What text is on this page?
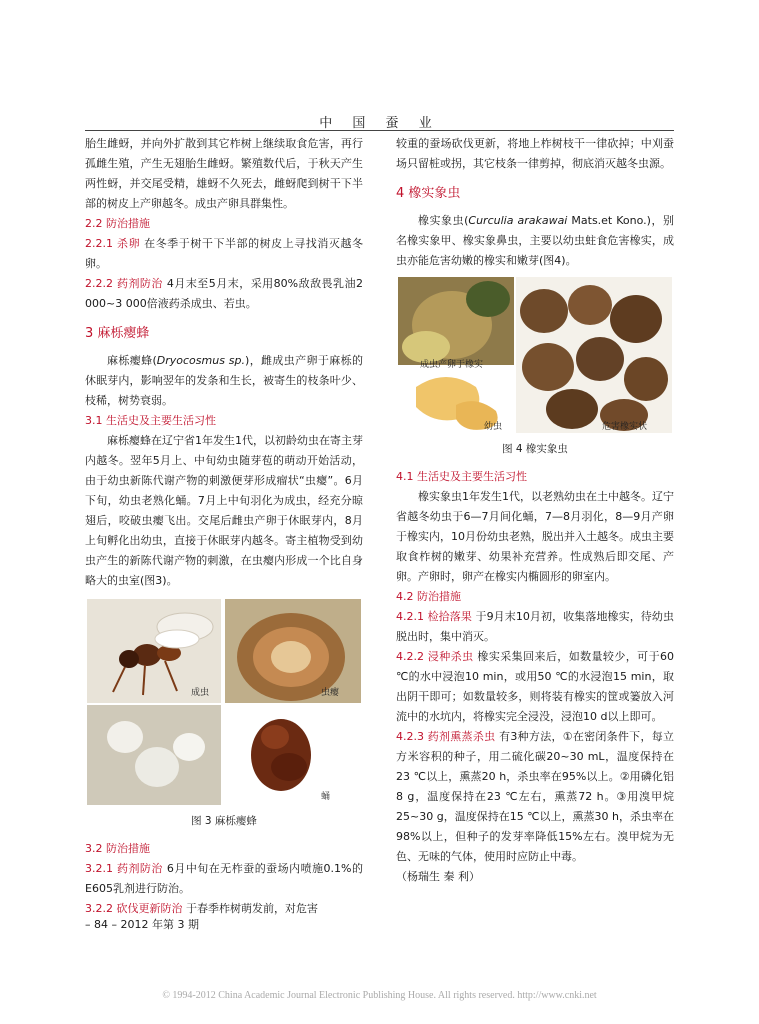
中 国 蚕 业

胎生雌蚜，并向外扩散到其它柞树上继续取食危害，再行孤雌生殖，产生无翅胎生雌蚜。繁殖数代后，于秋天产生两性蚜，并交尾受精，雄蚜不久死去，雌蚜爬到树干下半部的树皮上产卵越冬。成虫产卵具群集性。

2.2 防治措施

2.2.1 杀卵 在冬季于树干下半部的树皮上寻找消灭越冬卵。

2.2.2 药剂防治 4月末至5月末，采用80%敌敌畏乳油2 000~3 000倍液药杀成虫、若虫。

3 麻栎瘿蜂

麻栎瘿蜂(Dryocosmus sp.)，雌成虫产卵于麻栎的休眠芽内，影响翌年的发条和生长，被寄生的枝条叶少、枝稀，树势衰弱。

3.1 生活史及主要生活习性

麻栎瘿蜂在辽宁省1年发生1代，以初龄幼虫在寄主芽内越冬。翌年5月上、中旬幼虫随芽苞的萌动开始活动，由于幼虫新陈代谢产物的刺激便芽形成瘤状“虫瘿”。6月下旬，幼虫老熟化蛹。7月上中旬羽化为成虫，经充分晾翅后，咬破虫瘿飞出。交尾后雌虫产卵于休眠芽内，8月上旬孵化出幼虫，直接于休眠芽内越冬。寄主植物受到幼虫产生的新陈代谢产物的刺激，在虫瘿内形成一个比自身略大的虫室(图3)。

成虫	虫瘿
蛹
图 3 麻栎瘿蜂

3.2 防治措施

3.2.1 药剂防治 6月中旬在无柞蚕的蚕场内喷施0.1%的E605乳剂进行防治。

3.2.2 砍伐更新防治 于春季柞树萌发前，对危害

– 84 – 2012 年第 3 期

较重的蚕场砍伐更新，将地上柞树枝干一律砍掉；中刈蚕场只留桩或拐，其它枝条一律剪掉，彻底消灭越冬虫源。

4 橡实象虫

橡实象虫(Curculia arakawai Mats.et Kono.)，别名橡实象甲、橡实象鼻虫，主要以幼虫蛀食危害橡实，成虫亦能危害幼嫩的橡实和嫩芽(图4)。

成虫产卵于橡实
幼虫	危害橡实状
图 4 橡实象虫

4.1 生活史及主要生活习性

橡实象虫1年发生1代，以老熟幼虫在土中越冬。辽宁省越冬幼虫于6—7月间化蛹，7—8月羽化，8—9月产卵于橡实内，10月份幼虫老熟，脱出并入土越冬。成虫主要取食柞树的嫩芽、幼果补充营养。性成熟后即交尾、产卵。产卵时，卵产在橡实内椭圆形的卵室内。

4.2 防治措施

4.2.1 检拾落果 于9月末10月初，收集落地橡实，待幼虫脱出时，集中消灭。

4.2.2 浸种杀虫 橡实采集回来后，如数量较少，可于60 ℃的水中浸泡10 min，或用50 ℃的水浸泡15 min，取出阴干即可；如数量较多，则将装有橡实的筐或篓放入河流中的水坑内，将橡实完全浸没，浸泡10 d以上即可。

4.2.3 药剂熏蒸杀虫 有3种方法，①在密闭条件下，每立方米容积的种子，用二硫化碳20~30 mL，温度保持在23 ℃以上，熏蒸20 h，杀虫率在95%以上。②用磷化铝8 g，温度保持在23 ℃左右，熏蒸72 h。③用溴甲烷25~30 g，温度保持在15 ℃以上，熏蒸30 h，杀虫率在98%以上，但种子的发芽率降低15%左右。溴甲烷为无色、无味的气体，使用时应防止中毒。

（杨瑞生 秦 利）

© 1994-2012 China Academic Journal Electronic Publishing House. All rights reserved. http://www.cnki.net
